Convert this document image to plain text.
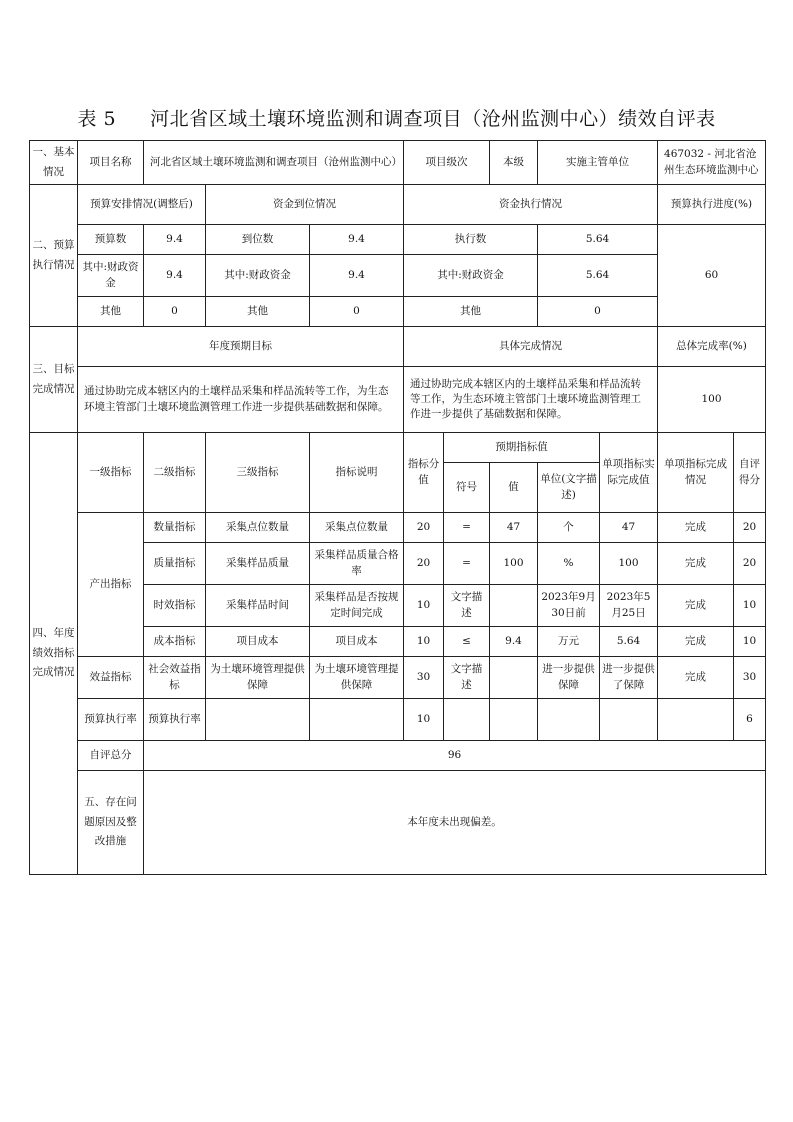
表 5 河北省区域土壤环境监测和调查项目（沧州监测中心）绩效自评表
一、基本情况	项目名称	河北省区域土壤环境监测和调查项目（沧州监测中心）			项目级次		本级	实施主管单位		467032 - 河北省沧州生态环境监测中心	
二、预算执行情况	预算安排情况(调整后)		资金到位情况		资金执行情况					预算执行进度(%)	
	预算数	9.4	到位数	9.4	执行数			5.64		60	
	其中:财政资金	9.4	其中:财政资金	9.4	其中:财政资金			5.64			
	其他	0	其他	0	其他			0			
三、目标完成情况	年度预期目标				具体完成情况					总体完成率(%)	
	通过协助完成本辖区内的土壤样品采集和样品流转等工作，为生态环境主管部门土壤环境监测管理工作进一步提供基础数据和保障。				通过协助完成本辖区内的土壤样品采集和样品流转等工作，为生态环境主管部门土壤环境监测管理工作进一步提供了基础数据和保障。					100	
四、年度绩效指标完成情况	一级指标	二级指标	三级指标	指标说明	指标分值	预期指标值			单项指标实际完成值	单项指标完成情况	自评得分
						符号	值	单位(文字描述)			
	产出指标	数量指标	采集点位数量	采集点位数量	20	=	47	个	47	完成	20
		质量指标	采集样品质量	采集样品质量合格率	20	=	100	%	100	完成	20
		时效指标	采集样品时间	采集样品是否按规定时间完成	10	文字描述		2023年9月30日前	2023年5月25日	完成	10
		成本指标	项目成本	项目成本	10	≤	9.4	万元	5.64	完成	10
	效益指标	社会效益指标	为土壤环境管理提供保障	为土壤环境管理提供保障	30	文字描述		进一步提供保障	进一步提供了保障	完成	30
	预算执行率	预算执行率			10						6
	自评总分	96									
	五、存在问题原因及整改措施	本年度未出现偏差。									
